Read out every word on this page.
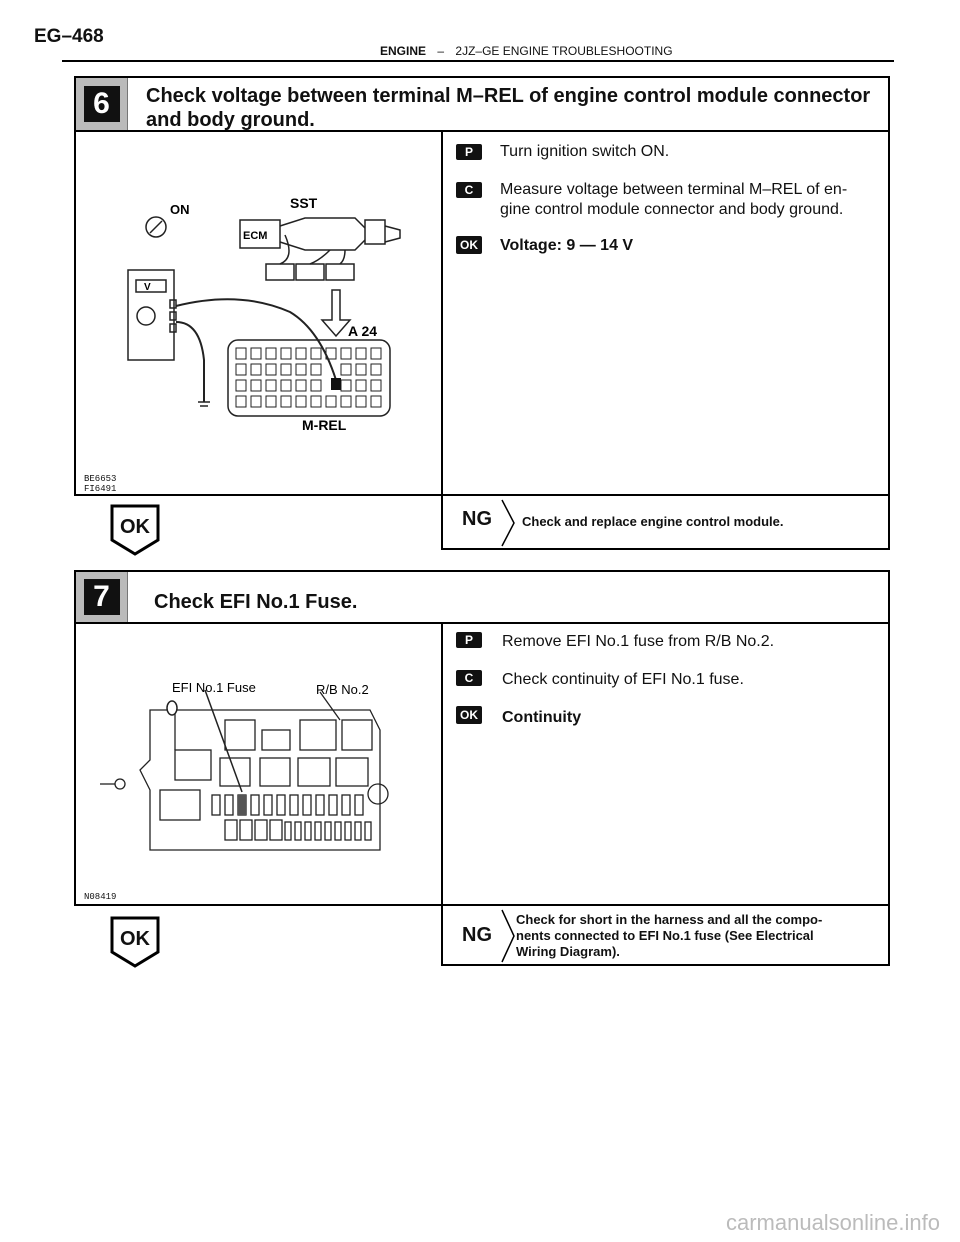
EG–468
ENGINE – 2JZ–GE ENGINE TROUBLESHOOTING
6	Check voltage between terminal M–REL of engine control module connector
and body ground.
ON	SST
ECM
V
A 24
M-REL
BE6653
FI6491
P	Turn ignition switch ON.
C	Measure voltage between terminal M–REL of en-
gine control module connector and body ground.
OK Voltage: 9 — 14 V
OK	NG Check and replace engine control module.
7	Check EFI No.1 Fuse.
EFI No.1 Fuse	R/B No.2
N08419
P	Remove EFI No.1 fuse from R/B No.2.
C	Check continuity of EFI No.1 fuse.
OK Continuity
OK	NG
Check for short in the harness and all the compo-
nents connected to EFI No.1 fuse (See Electrical
Wiring Diagram).
carmanualsonline.info
